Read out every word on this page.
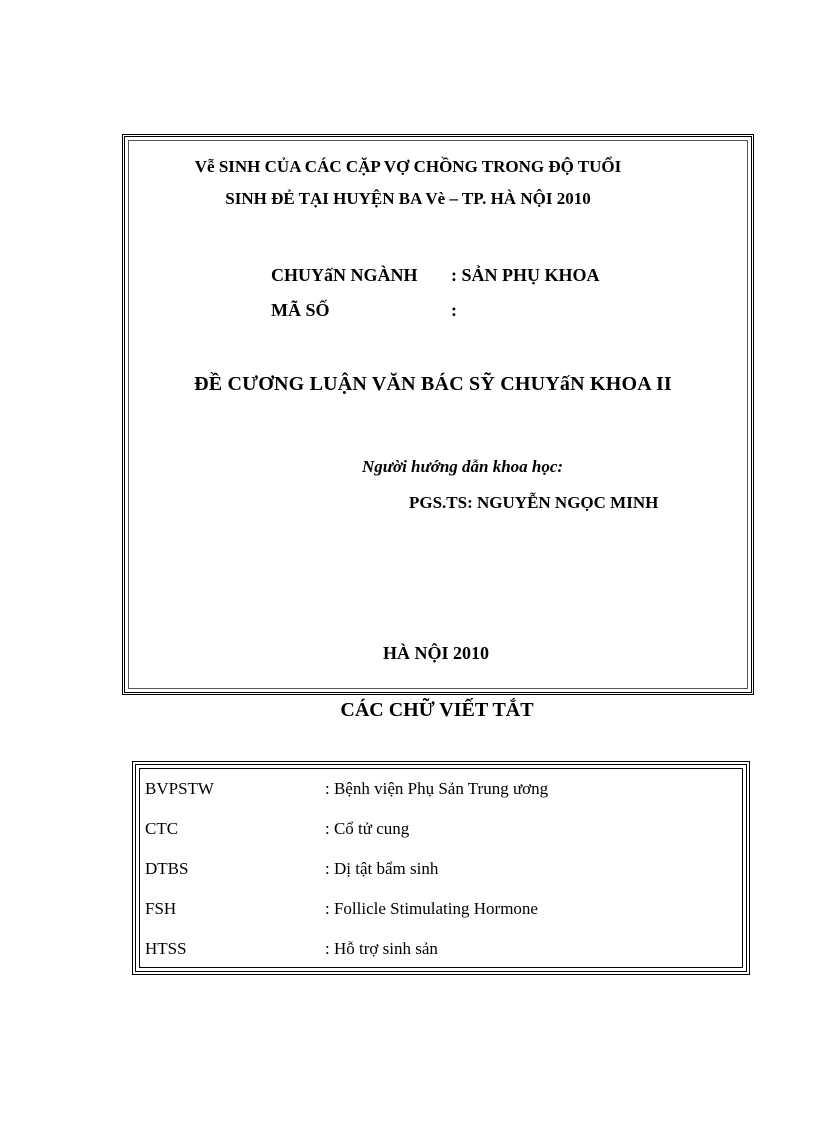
Vễ SINH CỦA CÁC CẶP VỢ CHỒNG TRONG ĐỘ TUỔI
SINH ĐẺ TẠI HUYỆN BA Vè – TP. HÀ NỘI 2010
CHUYấN NGÀNH : SẢN PHỤ KHOA
MÃ SỐ	:
ĐỀ CƯƠNG LUẬN VĂN BÁC SỸ CHUYấN KHOA II
Người hướng dẫn khoa học:
PGS.TS: NGUYỄN NGỌC MINH
HÀ NỘI 2010
CÁC CHỮ VIẾT TẮT
BVPSTW	: Bệnh viện Phụ Sản Trung ương
CTC	: Cổ tử cung
DTBS	: Dị tật bẩm sinh
FSH	: Follicle Stimulating Hormone
HTSS	: Hỗ trợ sinh sản
